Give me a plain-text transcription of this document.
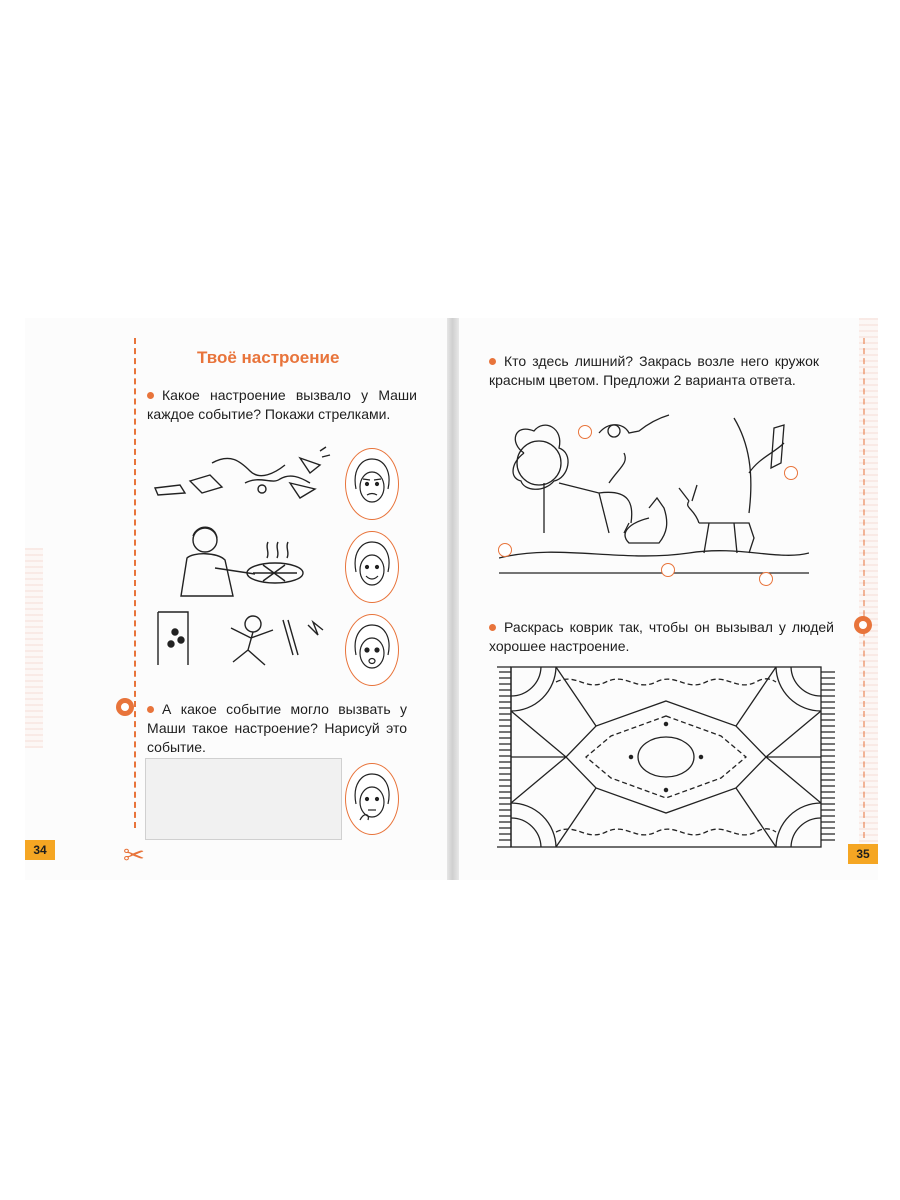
Твоё настроение
Какое настроение вызвало у Маши каждое событие? Покажи стрелками.
А какое событие могло вызвать у Маши такое настроение? Нарисуй это событие.
34	✂
Кто здесь лишний? Закрась возле него кружок красным цветом. Предложи 2 варианта ответа.
Раскрась коврик так, чтобы он вызывал у людей хорошее настроение.
35
